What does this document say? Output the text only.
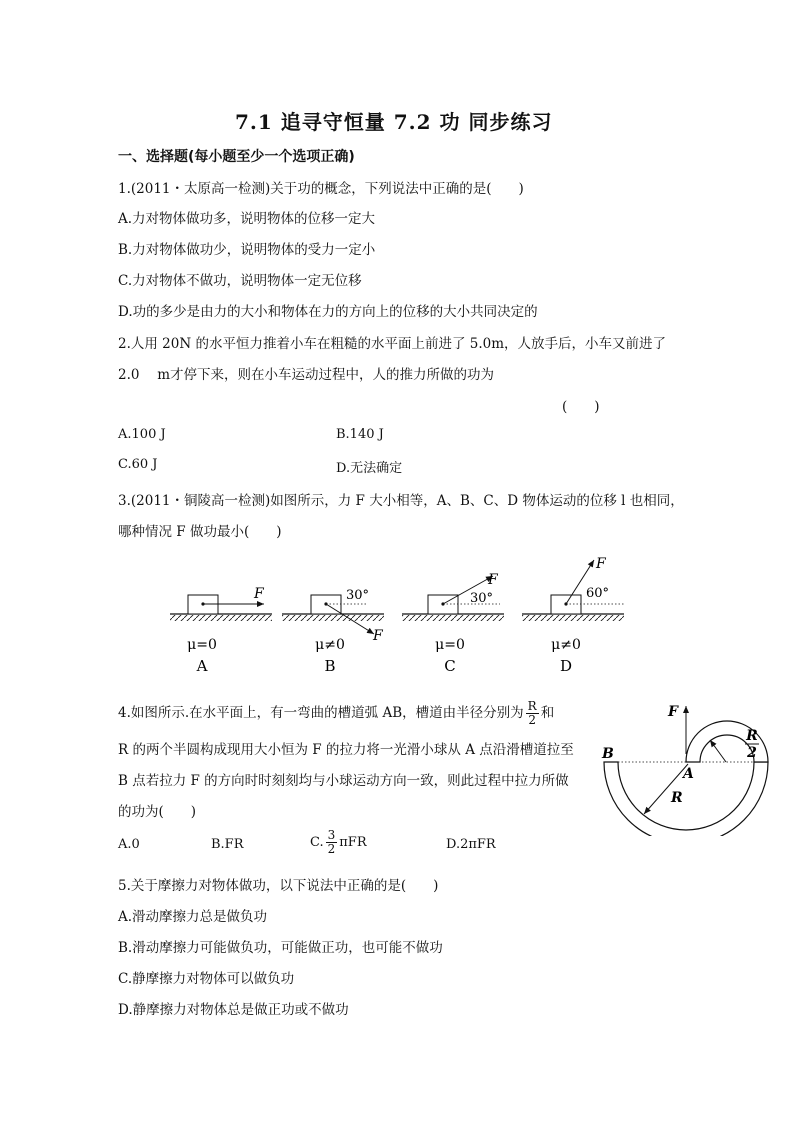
7.1 追寻守恒量 7.2 功 同步练习
一、选择题(每小题至少一个选项正确)
1.(2011・太原高一检测)关于功的概念，下列说法中正确的是(　　)
A.力对物体做功多，说明物体的位移一定大
B.力对物体做功少，说明物体的受力一定小
C.力对物体不做功，说明物体一定无位移
D.功的多少是由力的大小和物体在力的方向上的位移的大小共同决定的
2.人用 20N 的水平恒力推着小车在粗糙的水平面上前进了 5.0m，人放手后，小车又前进了
2.0　 m才停下来，则在小车运动过程中，人的推力所做的功为
(　　)
A.100 J	B.140 J
C.60 J	D.无法确定
3.(2011・铜陵高一检测)如图所示，力 F 大小相等，A、B、C、D 物体运动的位移 l 也相同，
哪种情况 F 做功最小(　　)
F
μ=0
A
30°
F
μ≠0
B
F
30°
μ=0
C
F
60°
μ≠0
D
4.如图所示.在水平面上，有一弯曲的槽道弧 AB，槽道由半径分别为 $\frac{R}{2}$ 和
R 的两个半圆构成现用大小恒为 F 的拉力将一光滑小球从 A 点沿滑槽道拉至
B 点若拉力 F 的方向时时刻刻均与小球运动方向一致，则此过程中拉力所做
的功为(　　)
A.0	B.FR	C. $\frac{3}{2}$ πFR	D.2πFR
F
B
A
R
R
2
5.关于摩擦力对物体做功，以下说法中正确的是(　　)
A.滑动摩擦力总是做负功
B.滑动摩擦力可能做负功，可能做正功，也可能不做功
C.静摩擦力对物体可以做负功
D.静摩擦力对物体总是做正功或不做功
